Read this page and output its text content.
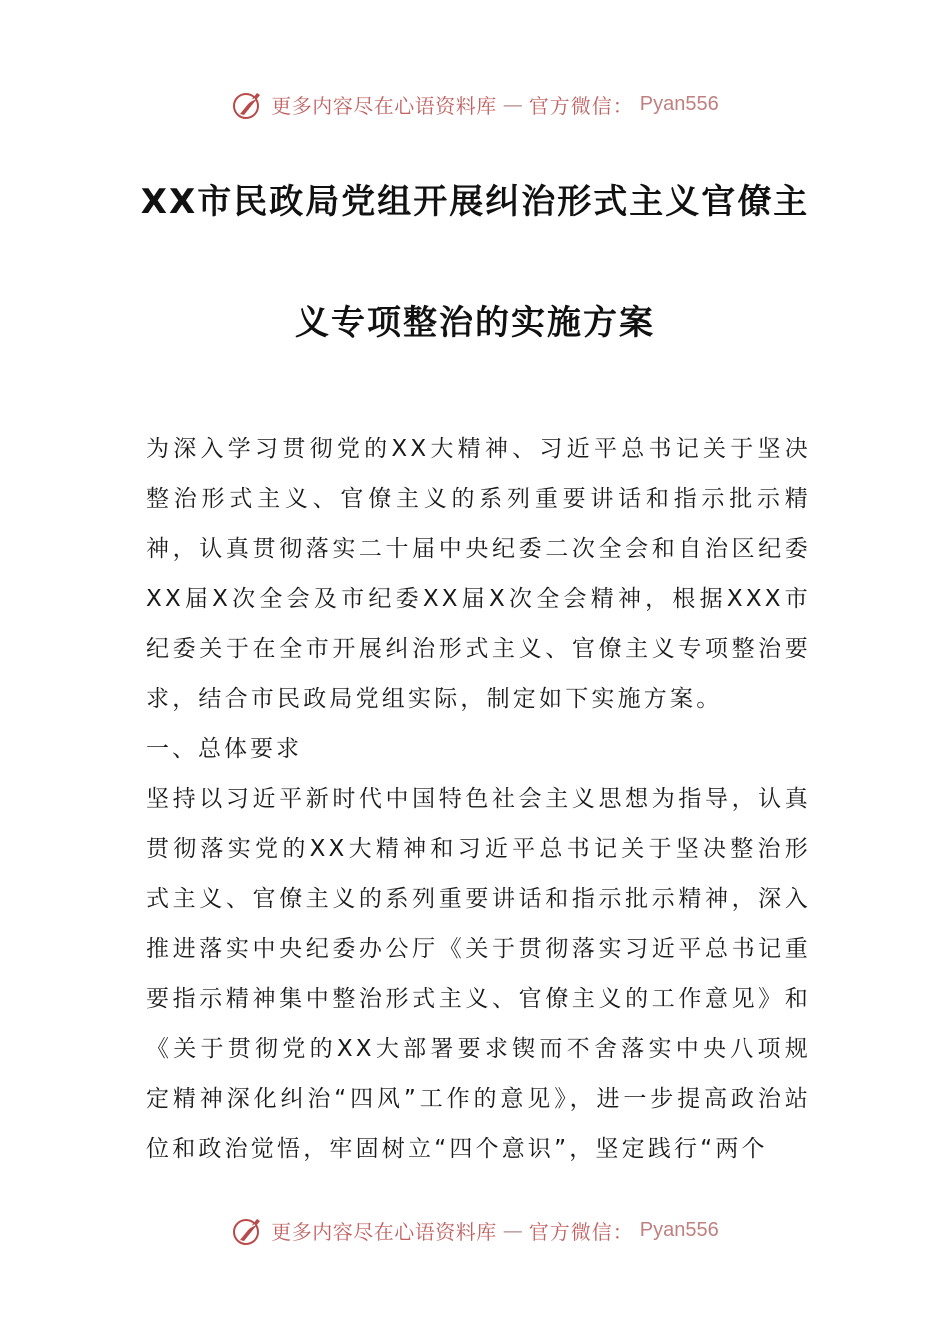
更多内容尽在心语资料库 — 官方微信： Pyan556
XX市民政局党组开展纠治形式主义官僚主
义专项整治的实施方案

为深入学习贯彻党的XX大精神、习近平总书记关于坚决整治形式主义、官僚主义的系列重要讲话和指示批示精神，认真贯彻落实二十届中央纪委二次全会和自治区纪委XX届X次全会及市纪委XX届X次全会精神，根据XXX市纪委关于在全市开展纠治形式主义、官僚主义专项整治要求，结合市民政局党组实际，制定如下实施方案。

一、总体要求

坚持以习近平新时代中国特色社会主义思想为指导，认真贯彻落实党的XX大精神和习近平总书记关于坚决整治形式主义、官僚主义的系列重要讲话和指示批示精神，深入推进落实中央纪委办公厅《关于贯彻落实习近平总书记重要指示精神集中整治形式主义、官僚主义的工作意见》和《关于贯彻党的XX大部署要求锲而不舍落实中央八项规定精神深化纠治“四风”工作的意见》，进一步提高政治站位和政治觉悟，牢固树立“四个意识”，坚定践行“两个

更多内容尽在心语资料库 — 官方微信： Pyan556
